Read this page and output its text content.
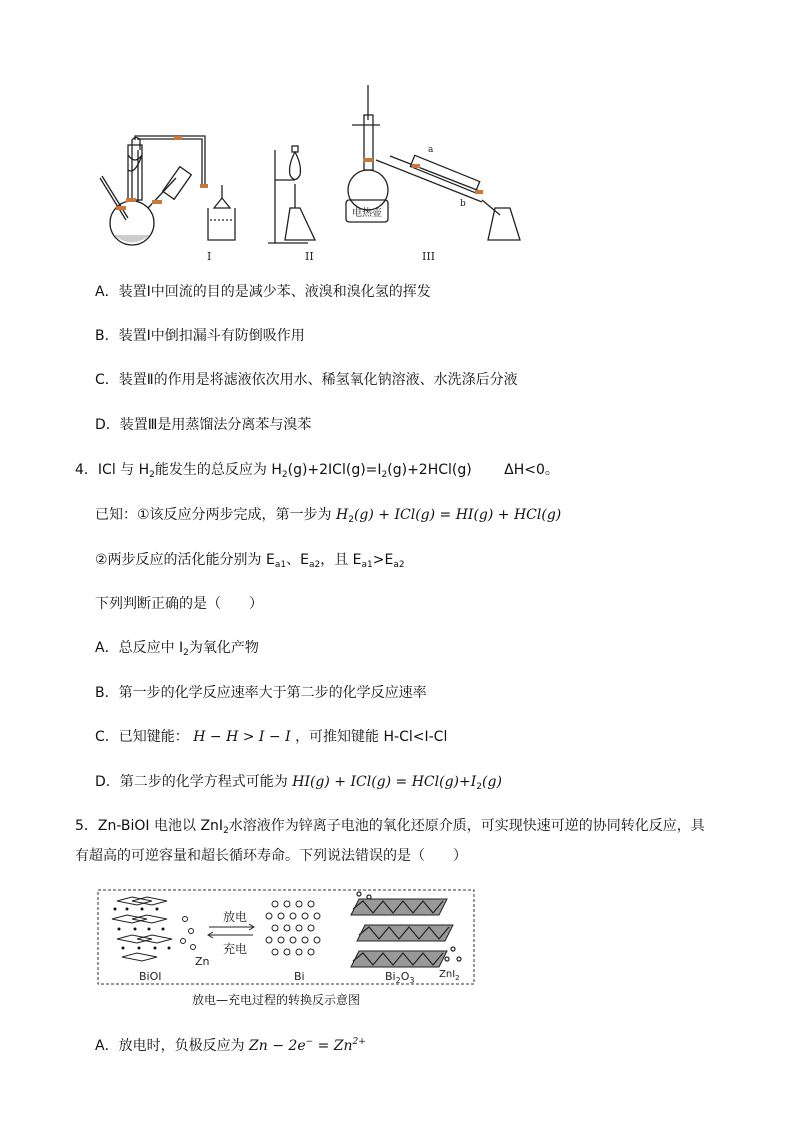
电热壶
a
b
I	II	III
A．装置Ⅰ中回流的目的是减少苯、液溴和溴化氢的挥发
B．装置Ⅰ中倒扣漏斗有防倒吸作用
C．装置Ⅱ的作用是将滤液依次用水、稀氢氧化钠溶液、水洗涤后分液
D．装置Ⅲ是用蒸馏法分离苯与溴苯
4．ICl 与 $H_2$能发生的总反应为 $H_2(g)+2ICl(g)=I_2(g)+2HCl(g)$ ΔH<0。
已知：①该反应分两步完成，第一步为 $H_2(g) + ICl(g) = HI(g) + HCl(g)$
②两步反应的活化能分别为 $E_{a1}$、$E_{a2}$，且 $E_{a1}>E_{a2}$
下列判断正确的是（　　）
A．总反应中 $I_2$为氧化产物
B．第一步的化学反应速率大于第二步的化学反应速率
C．已知键能： H − H > I − I ，可推知键能 H-Cl<I-Cl
D．第二步的化学方程式可能为 $HI(g) + ICl(g) = HCl(g)+I_2(g)$
5．Zn-BiOI 电池以 ZnI$_2$水溶液作为锌离子电池的氧化还原介质，可实现快速可逆的协同转化反应，具
有超高的可逆容量和超长循环寿命。下列说法错误的是（　　）
放电
充电
BiOI
Zn
Bi	$Bi_2O_3$
ZnI$_2$
放电—充电过程的转换反示意图
A．放电时，负极反应为 $Zn - 2e^- = Zn^{2+}$
